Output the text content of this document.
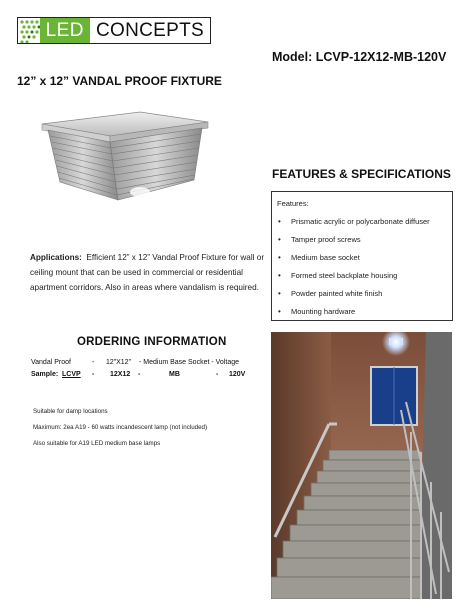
LED CONCEPTS
Model: LCVP-12X12-MB-120V
12” x 12” VANDAL PROOF FIXTURE
Applications: Efficient 12” x 12” Vandal Proof Fixture for wall or ceiling mount that can be used in commercial or residential apartment corridors. Also in areas where vandalism is required.
ORDERING INFORMATION
Vandal Proof	- 12”X12” - Medium Base Socket - Voltage
Sample: LCVP - 12X12 -	MB	- 120V
Suitable for damp locations
Maximum: 2ea A19 - 60 watts incandescent lamp (not included)
Also suitable for A19 LED medium base lamps
FEATURES & SPECIFICATIONS
Features:
• Prismatic acrylic or polycarbonate diffuser
• Tamper proof screws
• Medium base socket
• Formed steel backplate housing
• Powder painted white finish
• Mounting hardware
